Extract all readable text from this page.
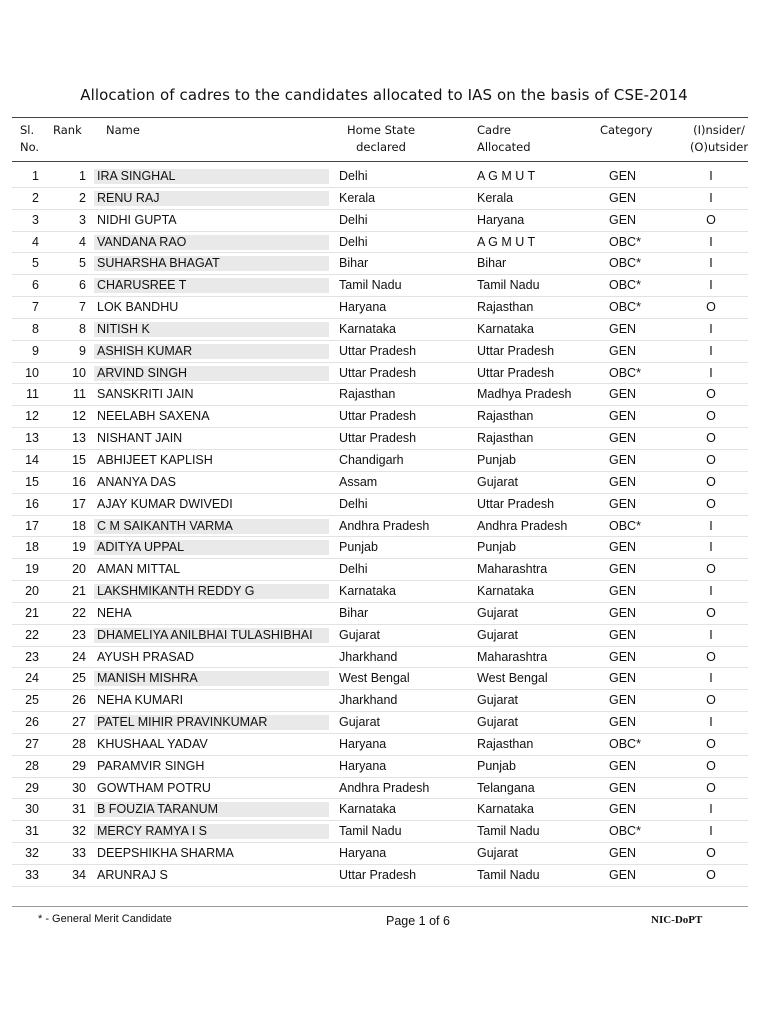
Allocation of cadres to the candidates allocated to IAS on the basis of CSE-2014
Sl.
No.
Rank Name	Home State
declared
Cadre
Allocated
Category	(I)nsider/
(O)utsider
1	1 IRA SINGHAL	Delhi	A G M U T	GEN	I
2	2 RENU RAJ	Kerala	Kerala	GEN	I
3	3 NIDHI GUPTA	Delhi	Haryana	GEN	O
4	4 VANDANA RAO	Delhi	A G M U T	OBC*	I
5	5 SUHARSHA BHAGAT	Bihar	Bihar	OBC*	I
6	6 CHARUSREE T	Tamil Nadu	Tamil Nadu	OBC*	I
7	7 LOK BANDHU	Haryana	Rajasthan	OBC*	O
8	8 NITISH K	Karnataka	Karnataka	GEN	I
9	9 ASHISH KUMAR	Uttar Pradesh	Uttar Pradesh	GEN	I
10	10 ARVIND SINGH	Uttar Pradesh	Uttar Pradesh	OBC*	I
11	11 SANSKRITI JAIN	Rajasthan	Madhya Pradesh	GEN	O
12	12 NEELABH SAXENA	Uttar Pradesh	Rajasthan	GEN	O
13	13 NISHANT JAIN	Uttar Pradesh	Rajasthan	GEN	O
14	15 ABHIJEET KAPLISH	Chandigarh	Punjab	GEN	O
15	16 ANANYA DAS	Assam	Gujarat	GEN	O
16	17 AJAY KUMAR DWIVEDI	Delhi	Uttar Pradesh	GEN	O
17	18 C M SAIKANTH VARMA	Andhra Pradesh	Andhra Pradesh	OBC*	I
18	19 ADITYA UPPAL	Punjab	Punjab	GEN	I
19	20 AMAN MITTAL	Delhi	Maharashtra	GEN	O
20	21 LAKSHMIKANTH REDDY G	Karnataka	Karnataka	GEN	I
21	22 NEHA	Bihar	Gujarat	GEN	O
22	23 DHAMELIYA ANILBHAI TULASHIBHAI	Gujarat	Gujarat	GEN	I
23	24 AYUSH PRASAD	Jharkhand	Maharashtra	GEN	O
24	25 MANISH MISHRA	West Bengal	West Bengal	GEN	I
25	26 NEHA KUMARI	Jharkhand	Gujarat	GEN	O
26	27 PATEL MIHIR PRAVINKUMAR	Gujarat	Gujarat	GEN	I
27	28 KHUSHAAL YADAV	Haryana	Rajasthan	OBC*	O
28	29 PARAMVIR SINGH	Haryana	Punjab	GEN	O
29	30 GOWTHAM POTRU	Andhra Pradesh	Telangana	GEN	O
30	31 B FOUZIA TARANUM	Karnataka	Karnataka	GEN	I
31	32 MERCY RAMYA I S	Tamil Nadu	Tamil Nadu	OBC*	I
32	33 DEEPSHIKHA SHARMA	Haryana	Gujarat	GEN	O
33	34 ARUNRAJ S	Uttar Pradesh	Tamil Nadu	GEN	O
* - General Merit Candidate	Page 1 of 6	NIC-DoPT
